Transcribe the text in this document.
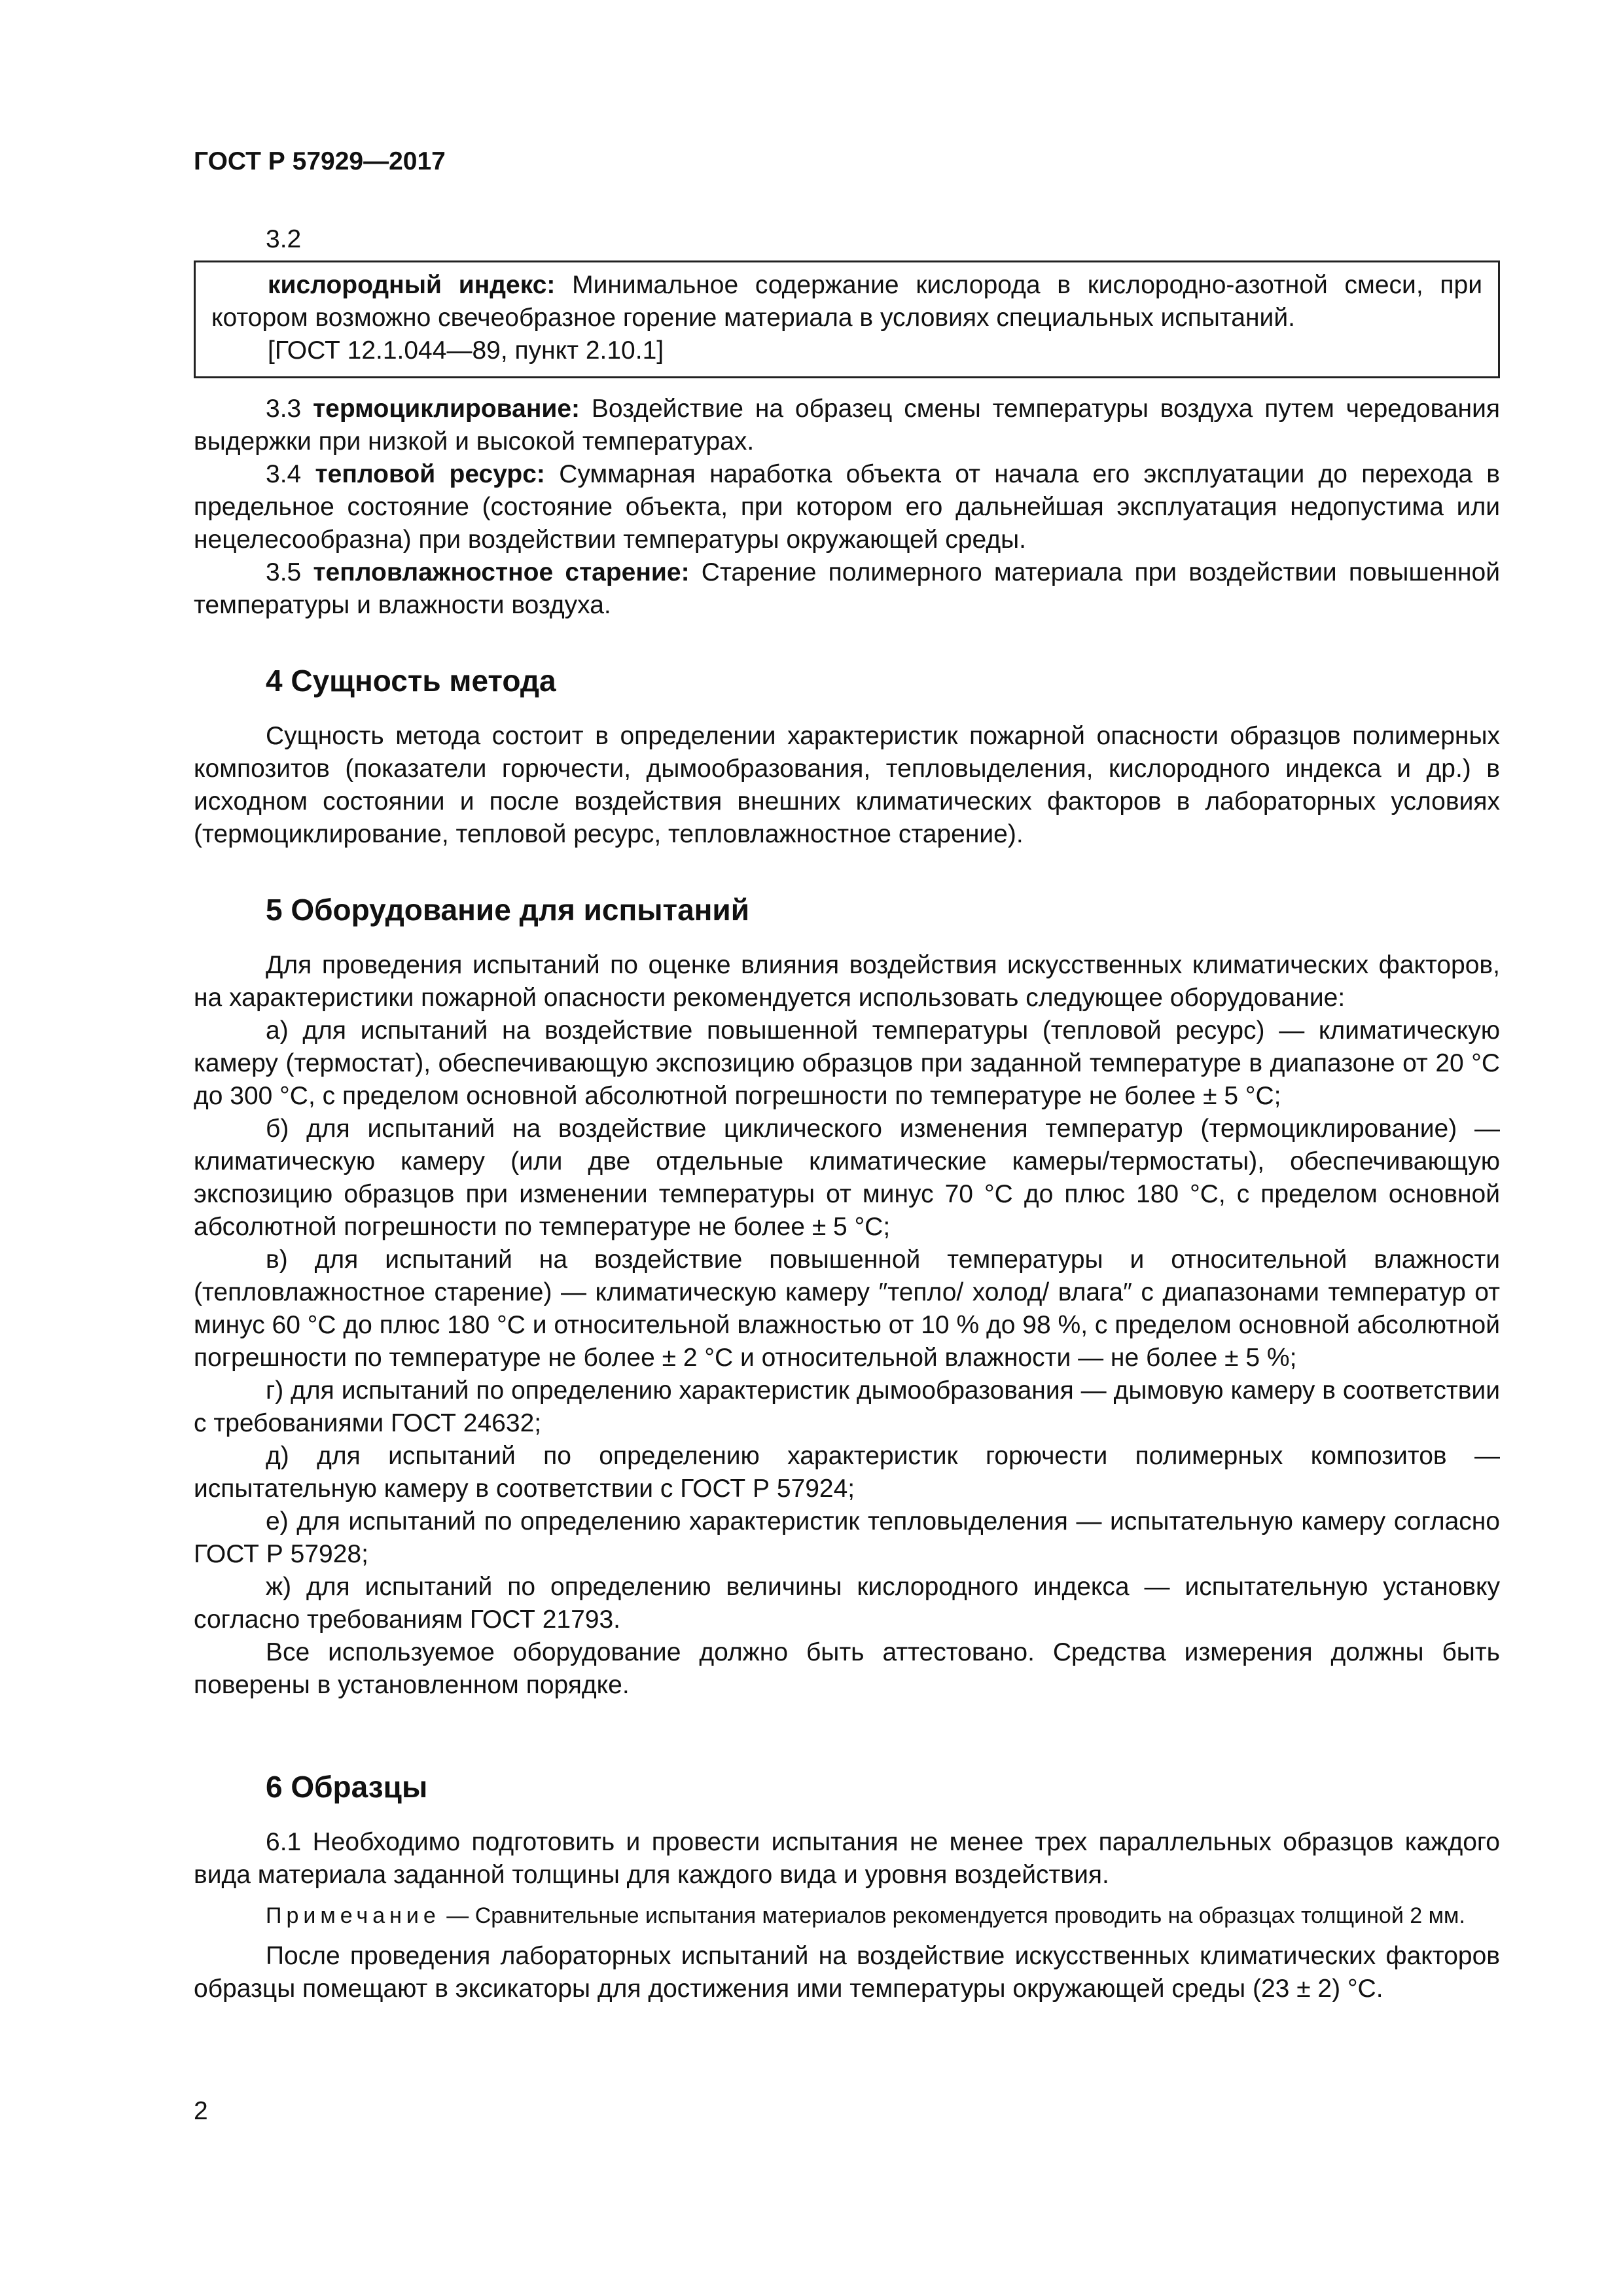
ГОСТ Р 57929—2017
3.2

кислородный индекс: Минимальное содержание кислорода в кислородно-азотной смеси, при котором возможно свечеобразное горение материала в условиях специальных испытаний.

[ГОСТ 12.1.044—89, пункт 2.10.1]

3.3 термоциклирование: Воздействие на образец смены температуры воздуха путем чередования выдержки при низкой и высокой температурах.

3.4 тепловой ресурс: Суммарная наработка объекта от начала его эксплуатации до перехода в предельное состояние (состояние объекта, при котором его дальнейшая эксплуатация недопустима или нецелесообразна) при воздействии температуры окружающей среды.

3.5 тепловлажностное старение: Старение полимерного материала при воздействии повышенной температуры и влажности воздуха.

4 Сущность метода

Сущность метода состоит в определении характеристик пожарной опасности образцов полимерных композитов (показатели горючести, дымообразования, тепловыделения, кислородного индекса и др.) в исходном состоянии и после воздействия внешних климатических факторов в лабораторных условиях (термоциклирование, тепловой ресурс, тепловлажностное старение).

5 Оборудование для испытаний

Для проведения испытаний по оценке влияния воздействия искусственных климатических факторов, на характеристики пожарной опасности рекомендуется использовать следующее оборудование:

а) для испытаний на воздействие повышенной температуры (тепловой ресурс) — климатическую камеру (термостат), обеспечивающую экспозицию образцов при заданной температуре в диапазоне от 20 °С до 300 °С, с пределом основной абсолютной погрешности по температуре не более ± 5 °С;

б) для испытаний на воздействие циклического изменения температур (термоциклирование) — климатическую камеру (или две отдельные климатические камеры/термостаты), обеспечивающую экспозицию образцов при изменении температуры от минус 70 °С до плюс 180 °С, с пределом основной абсолютной погрешности по температуре не более ± 5 °С;

в) для испытаний на воздействие повышенной температуры и относительной влажности (тепловлажностное старение) — климатическую камеру ″тепло/ холод/ влага″ с диапазонами температур от минус 60 °С до плюс 180 °С и относительной влажностью от 10 % до 98 %, с пределом основной абсолютной погрешности по температуре не более ± 2 °С и относительной влажности — не более ± 5 %;

г) для испытаний по определению характеристик дымообразования — дымовую камеру в соответствии с требованиями ГОСТ 24632;

д) для испытаний по определению характеристик горючести полимерных композитов — испытательную камеру в соответствии с ГОСТ Р 57924;

е) для испытаний по определению характеристик тепловыделения — испытательную камеру согласно ГОСТ Р 57928;

ж) для испытаний по определению величины кислородного индекса — испытательную установку согласно требованиям ГОСТ 21793.

Все используемое оборудование должно быть аттестовано. Средства измерения должны быть поверены в установленном порядке.

6 Образцы

6.1 Необходимо подготовить и провести испытания не менее трех параллельных образцов каждого вида материала заданной толщины для каждого вида и уровня воздействия.

Примечание — Сравнительные испытания материалов рекомендуется проводить на образцах толщиной 2 мм.

После проведения лабораторных испытаний на воздействие искусственных климатических факторов образцы помещают в эксикаторы для достижения ими температуры окружающей среды (23 ± 2) °С.

2
